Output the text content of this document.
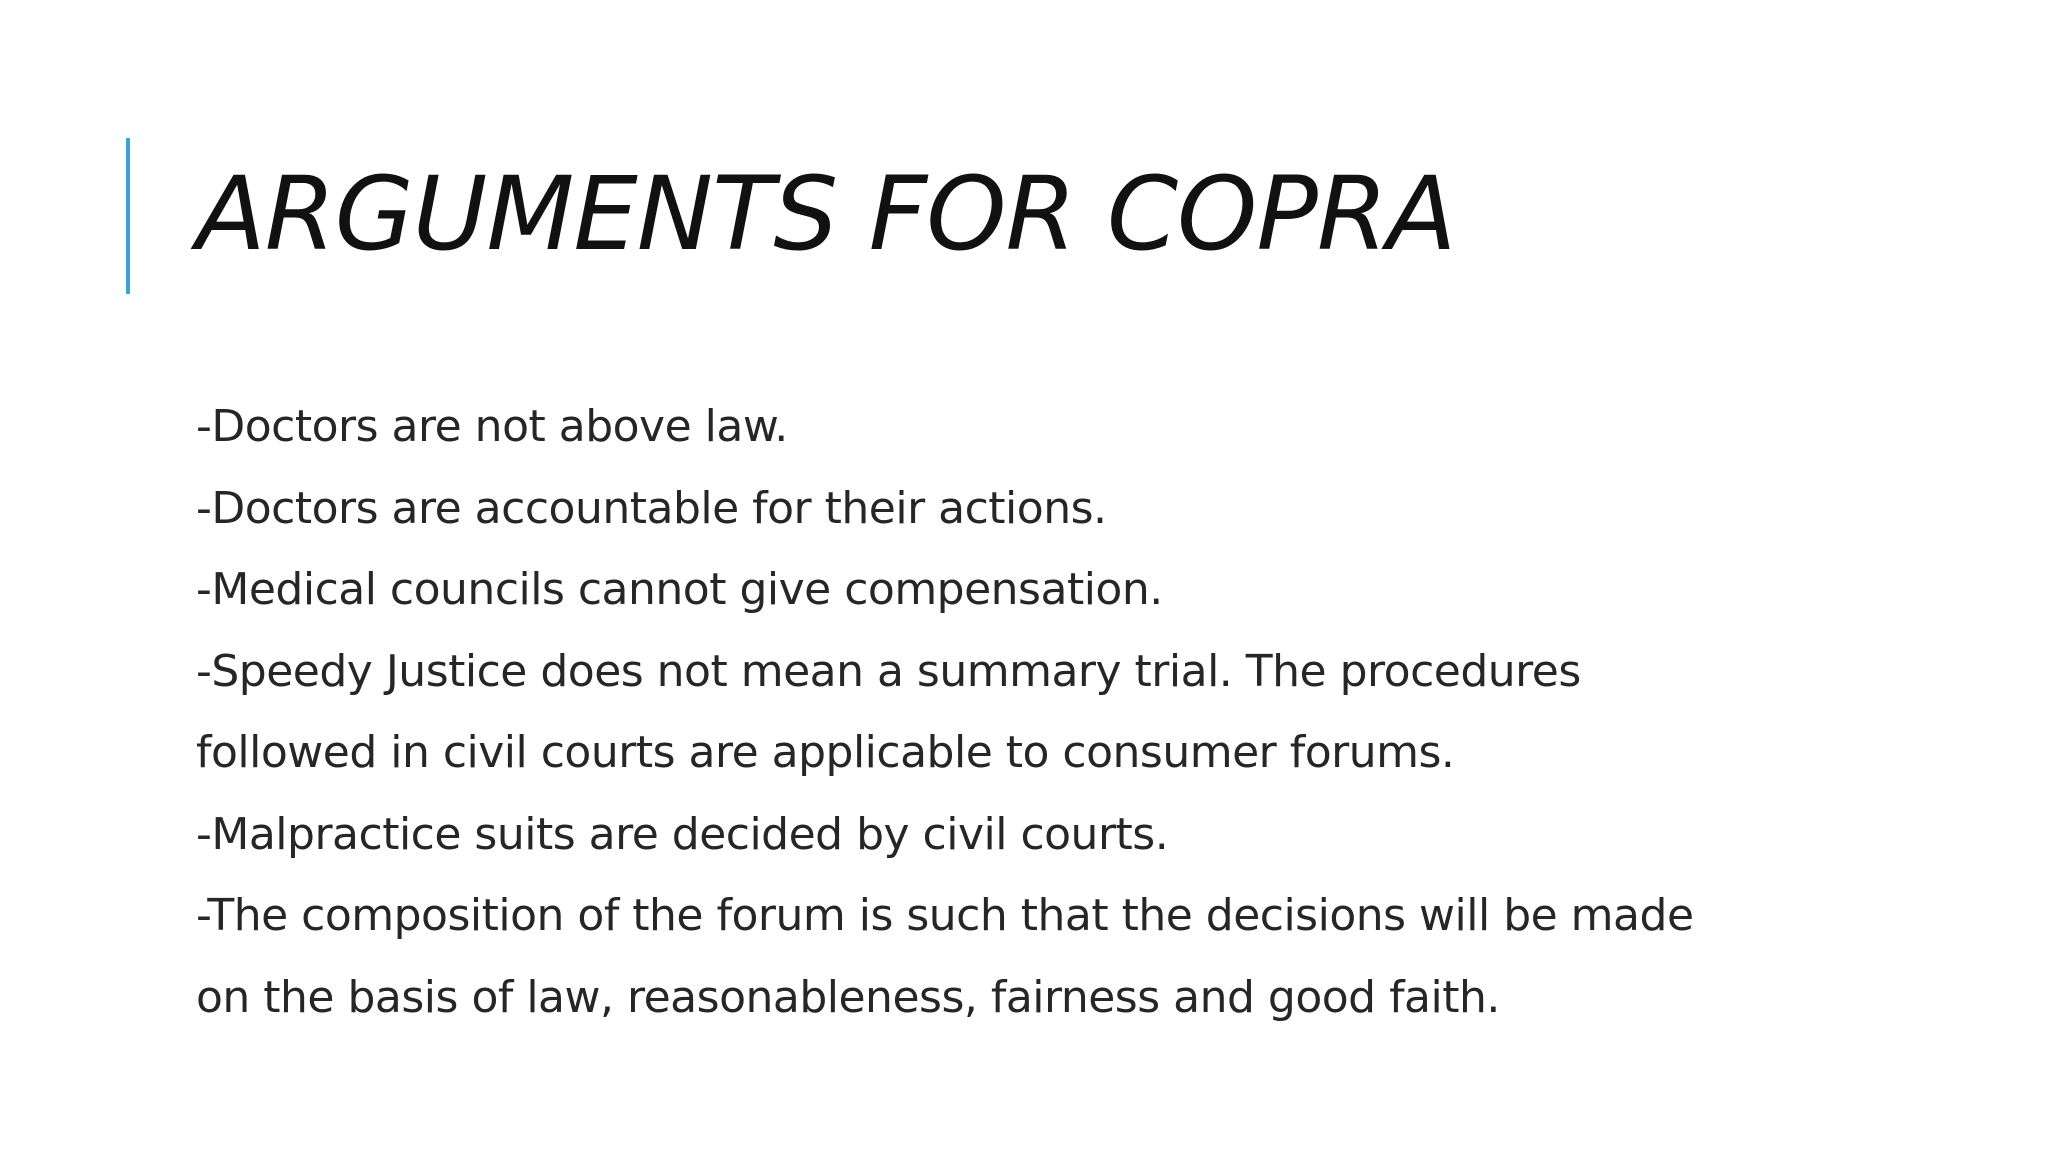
ARGUMENTS FOR COPRA
-Doctors are not above law.
-Doctors are accountable for their actions.
-Medical councils cannot give compensation.
-Speedy Justice does not mean a summary trial. The procedures
followed in civil courts are applicable to consumer forums.
-Malpractice suits are decided by civil courts.
-The composition of the forum is such that the decisions will be made
on the basis of law, reasonableness, fairness and good faith.
